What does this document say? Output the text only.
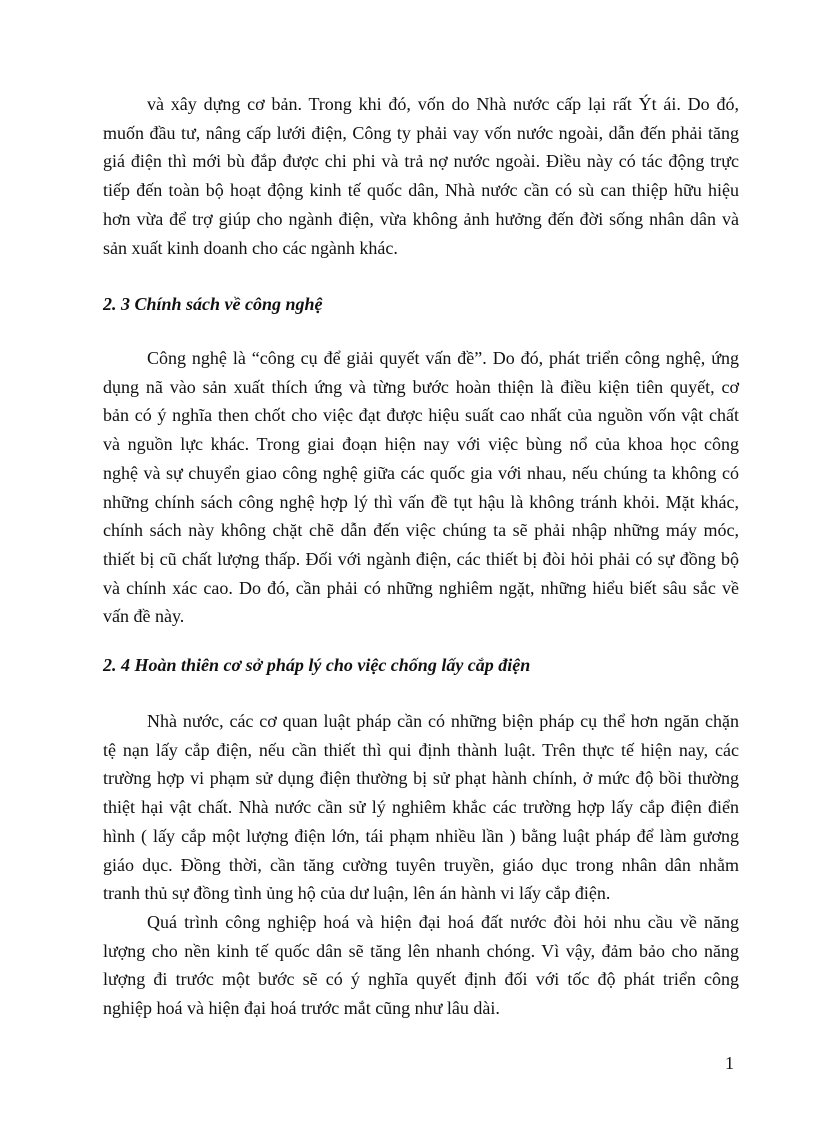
và xây dựng cơ bản. Trong khi đó, vốn do Nhà nước cấp lại rất Ýt ái. Do đó,
muốn đầu tư, nâng cấp lưới điện, Công ty phải vay vốn nước ngoài, dẫn đến phải tăng
giá điện thì mới bù đắp được chi phi và trả nợ nước ngoài. Điều này có tác động trực
tiếp đến toàn bộ hoạt động kinh tế quốc dân, Nhà nước cần có sù can thiệp hữu hiệu
hơn vừa để trợ giúp cho ngành điện, vừa không ảnh hưởng đến đời sống nhân dân và
sản xuất kinh doanh cho các ngành khác.
2. 3 Chính sách về công nghệ
Công nghệ là “công cụ để giải quyết vấn đề”. Do đó, phát triển công nghệ, ứng
dụng nã vào sản xuất thích ứng và từng bước hoàn thiện là điều kiện tiên quyết, cơ
bản có ý nghĩa then chốt cho việc đạt được hiệu suất cao nhất của nguồn vốn vật chất
và nguồn lực khác. Trong giai đoạn hiện nay với việc bùng nổ của khoa học công
nghệ và sự chuyển giao công nghệ giữa các quốc gia với nhau, nếu chúng ta không có
những chính sách công nghệ hợp lý thì vấn đề tụt hậu là không tránh khỏi. Mặt khác,
chính sách này không chặt chẽ dẫn đến việc chúng ta sẽ phải nhập những máy móc,
thiết bị cũ chất lượng thấp. Đối với ngành điện, các thiết bị đòi hỏi phải có sự đồng bộ
và chính xác cao. Do đó, cần phải có những nghiêm ngặt, những hiểu biết sâu sắc về
vấn đề này.
2. 4 Hoàn thiên cơ sở pháp lý cho việc chống lấy cắp điện
Nhà nước, các cơ quan luật pháp cần có những biện pháp cụ thể hơn ngăn chặn
tệ nạn lấy cắp điện, nếu cần thiết thì qui định thành luật. Trên thực tế hiện nay, các
trường hợp vi phạm sử dụng điện thường bị sử phạt hành chính, ở mức độ bồi thường
thiệt hại vật chất. Nhà nước cần sử lý nghiêm khắc các trường hợp lấy cắp điện điển
hình ( lấy cắp một lượng điện lớn, tái phạm nhiều lần ) bằng luật pháp để làm gương
giáo dục. Đồng thời, cần tăng cường tuyên truyền, giáo dục trong nhân dân nhằm
tranh thủ sự đồng tình ủng hộ của dư luận, lên án hành vi lấy cắp điện.
Quá trình công nghiệp hoá và hiện đại hoá đất nước đòi hỏi nhu cầu về năng
lượng cho nền kinh tế quốc dân sẽ tăng lên nhanh chóng. Vì vậy, đảm bảo cho năng
lượng đi trước một bước sẽ có ý nghĩa quyết định đối với tốc độ phát triển công
nghiệp hoá và hiện đại hoá trước mắt cũng như lâu dài.
1
